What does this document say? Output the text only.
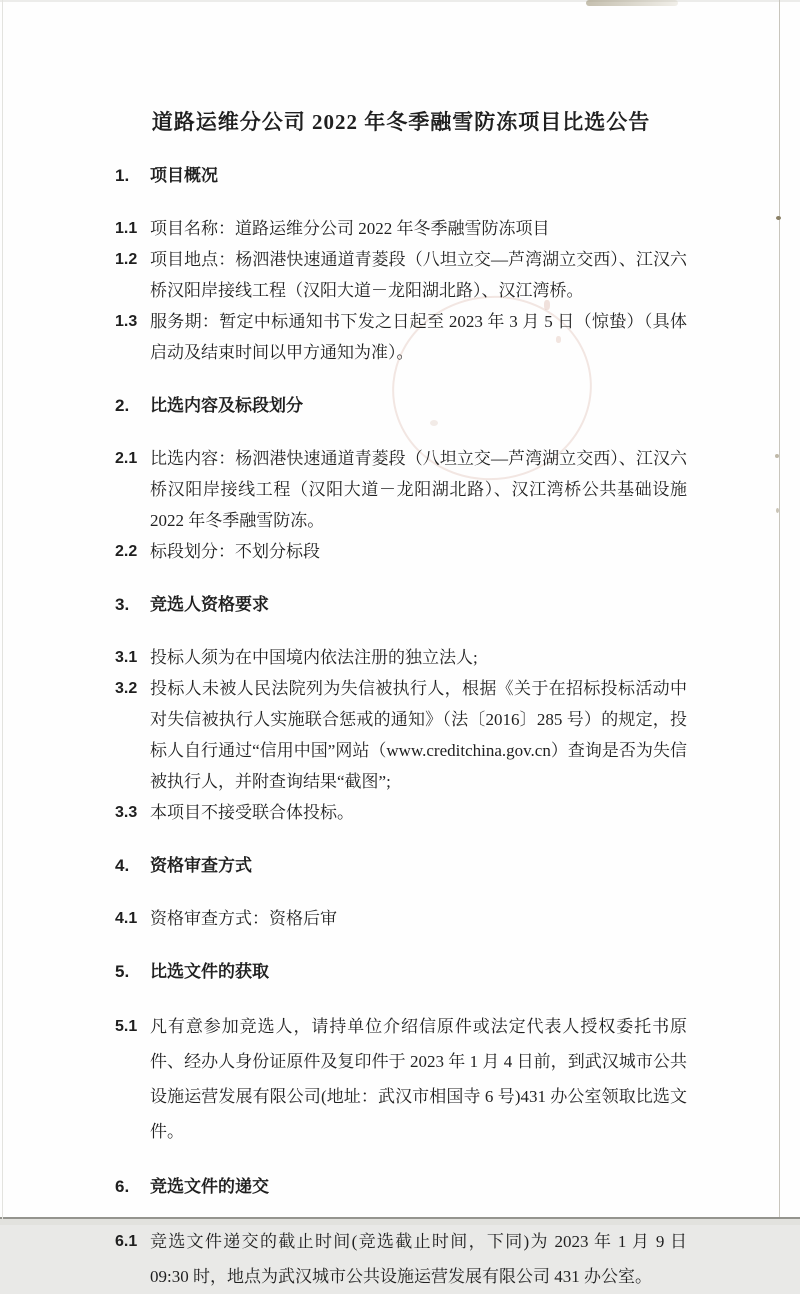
道路运维分公司 2022 年冬季融雪防冻项目比选公告
1.	项目概况
1.1 项目名称：道路运维分公司 2022 年冬季融雪防冻项目

1.2 项目地点：杨泗港快速通道青菱段（八坦立交—芦湾湖立交西）、江汉六桥汉阳岸接线工程（汉阳大道－龙阳湖北路）、汉江湾桥。

1.3 服务期：暂定中标通知书下发之日起至 2023 年 3 月 5 日（惊蛰）（具体启动及结束时间以甲方通知为准）。

2.	比选内容及标段划分
2.1 比选内容：杨泗港快速通道青菱段（八坦立交—芦湾湖立交西）、江汉六桥汉阳岸接线工程（汉阳大道－龙阳湖北路）、汉江湾桥公共基础设施 2022 年冬季融雪防冻。

2.2 标段划分：不划分标段

3.	竞选人资格要求
3.1 投标人须为在中国境内依法注册的独立法人;

3.2 投标人未被人民法院列为失信被执行人，根据《关于在招标投标活动中对失信被执行人实施联合惩戒的通知》（法〔2016〕285 号）的规定，投标人自行通过“信用中国”网站（www.creditchina.gov.cn）查询是否为失信被执行人，并附查询结果“截图”;

3.3 本项目不接受联合体投标。

4.	资格审查方式
4.1 资格审查方式：资格后审

5.	比选文件的获取
5.1 凡有意参加竞选人，请持单位介绍信原件或法定代表人授权委托书原件、经办人身份证原件及复印件于 2023 年 1 月 4 日前，到武汉城市公共设施运营发展有限公司(地址：武汉市相国寺 6 号)431 办公室领取比选文件。

6.	竞选文件的递交
6.1 竞选文件递交的截止时间(竞选截止时间，下同)为 2023 年 1 月 9 日 09:30 时，地点为武汉城市公共设施运营发展有限公司 431 办公室。
